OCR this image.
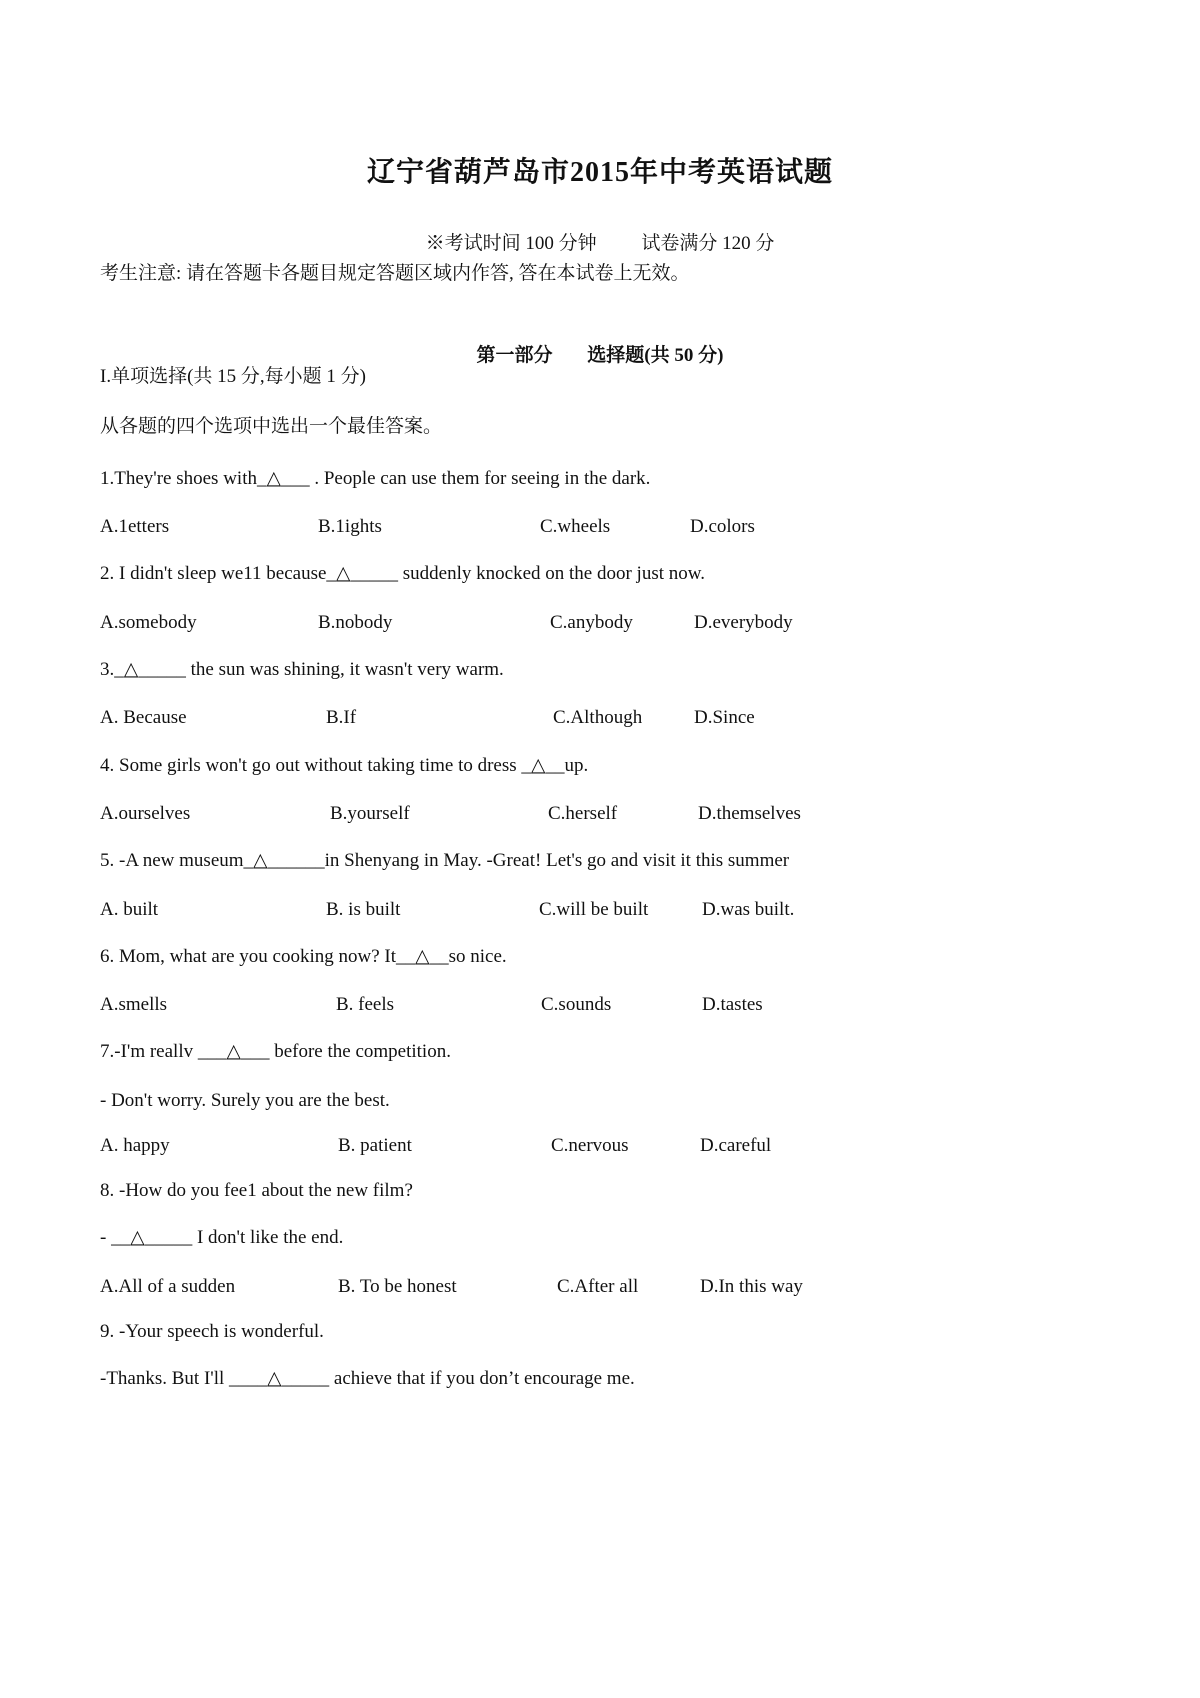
辽宁省葫芦岛市2015年中考英语试题
※考试时间 100 分钟 试卷满分 120 分
考生注意: 请在答题卡各题目规定答题区域内作答, 答在本试卷上无效。
第一部分 选择题(共 50 分)
I.单项选择(共 15 分,每小题 1 分)
从各题的四个选项中选出一个最佳答案。
1.They're shoes with_△___ . People can use them for seeing in the dark.
A.1etters	B.1ights	C.wheels	D.colors
2. I didn't sleep we11 because_△_____ suddenly knocked on the door just now.
A.somebody	B.nobody	C.anybody	D.everybody
3._△_____ the sun was shining, it wasn't very warm.
A. Because	B.If	C.Although	D.Since
4. Some girls won't go out without taking time to dress _△__up.
A.ourselves	B.yourself	C.herself	D.themselves
5. -A new museum_△______in Shenyang in May. -Great! Let's go and visit it this summer
A. built	B. is built	C.will be built	D.was built.
6. Mom, what are you cooking now? It__△__so nice.
A.smells	B. feels	C.sounds	D.tastes
7.-I'm reallv ___△___ before the competition.
- Don't worry. Surely you are the best.
A. happy	B. patient	C.nervous	D.careful
8. -How do you fee1 about the new film?
- __△_____ I don't like the end.
A.All of a sudden	B. To be honest	C.After all	D.In this way
9. -Your speech is wonderful.
-Thanks. But I'll ____△_____ achieve that if you don’t encourage me.
